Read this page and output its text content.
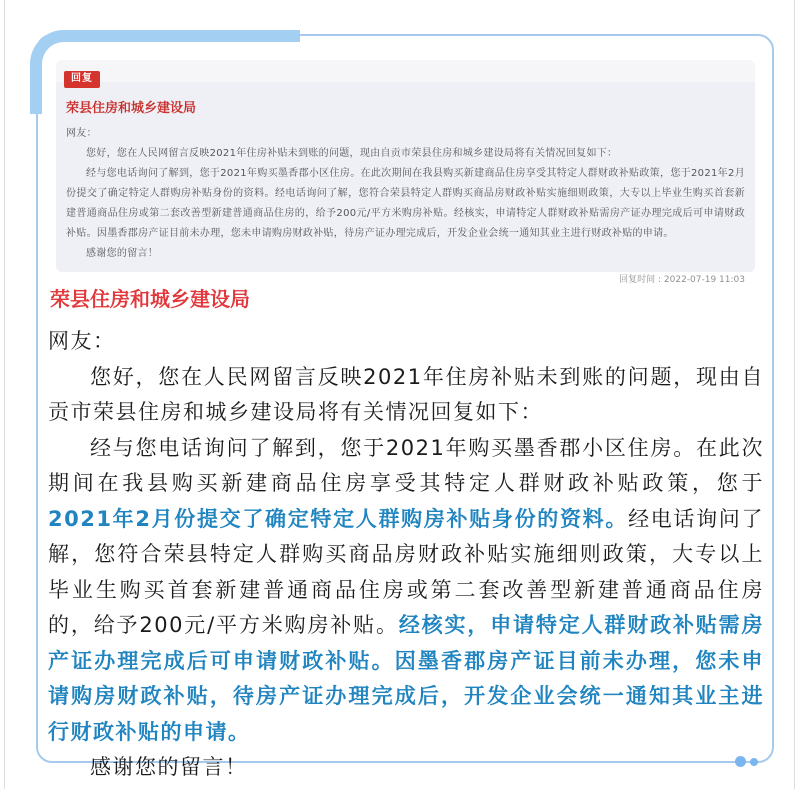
回复
荣县住房和城乡建设局

网友：

您好，您在人民网留言反映2021年住房补贴未到账的问题，现由自贡市荣县住房和城乡建设局将有关情况回复如下：

经与您电话询问了解到，您于2021年购买墨香郡小区住房。在此次期间在我县购买新建商品住房享受其特定人群财政补贴政策，您于2021年2月份提交了确定特定人群购房补贴身份的资料。经电话询问了解，您符合荣县特定人群购买商品房财政补贴实施细则政策，大专以上毕业生购买首套新建普通商品住房或第二套改善型新建普通商品住房的，给予200元/平方米购房补贴。经核实，申请特定人群财政补贴需房产证办理完成后可申请财政补贴。因墨香郡房产证目前未办理，您未申请购房财政补贴，待房产证办理完成后，开发企业会统一通知其业主进行财政补贴的申请。

感谢您的留言！

回复时间 : 2022-07-19 11:03
荣县住房和城乡建设局

网友：

您好，您在人民网留言反映2021年住房补贴未到账的问题，现由自贡市荣县住房和城乡建设局将有关情况回复如下：

经与您电话询问了解到，您于2021年购买墨香郡小区住房。在此次期间在我县购买新建商品住房享受其特定人群财政补贴政策，您于2021年2月份提交了确定特定人群购房补贴身份的资料。经电话询问了解，您符合荣县特定人群购买商品房财政补贴实施细则政策，大专以上毕业生购买首套新建普通商品住房或第二套改善型新建普通商品住房的，给予200元/平方米购房补贴。经核实，申请特定人群财政补贴需房产证办理完成后可申请财政补贴。因墨香郡房产证目前未办理，您未申请购房财政补贴，待房产证办理完成后，开发企业会统一通知其业主进行财政补贴的申请。

感谢您的留言！
